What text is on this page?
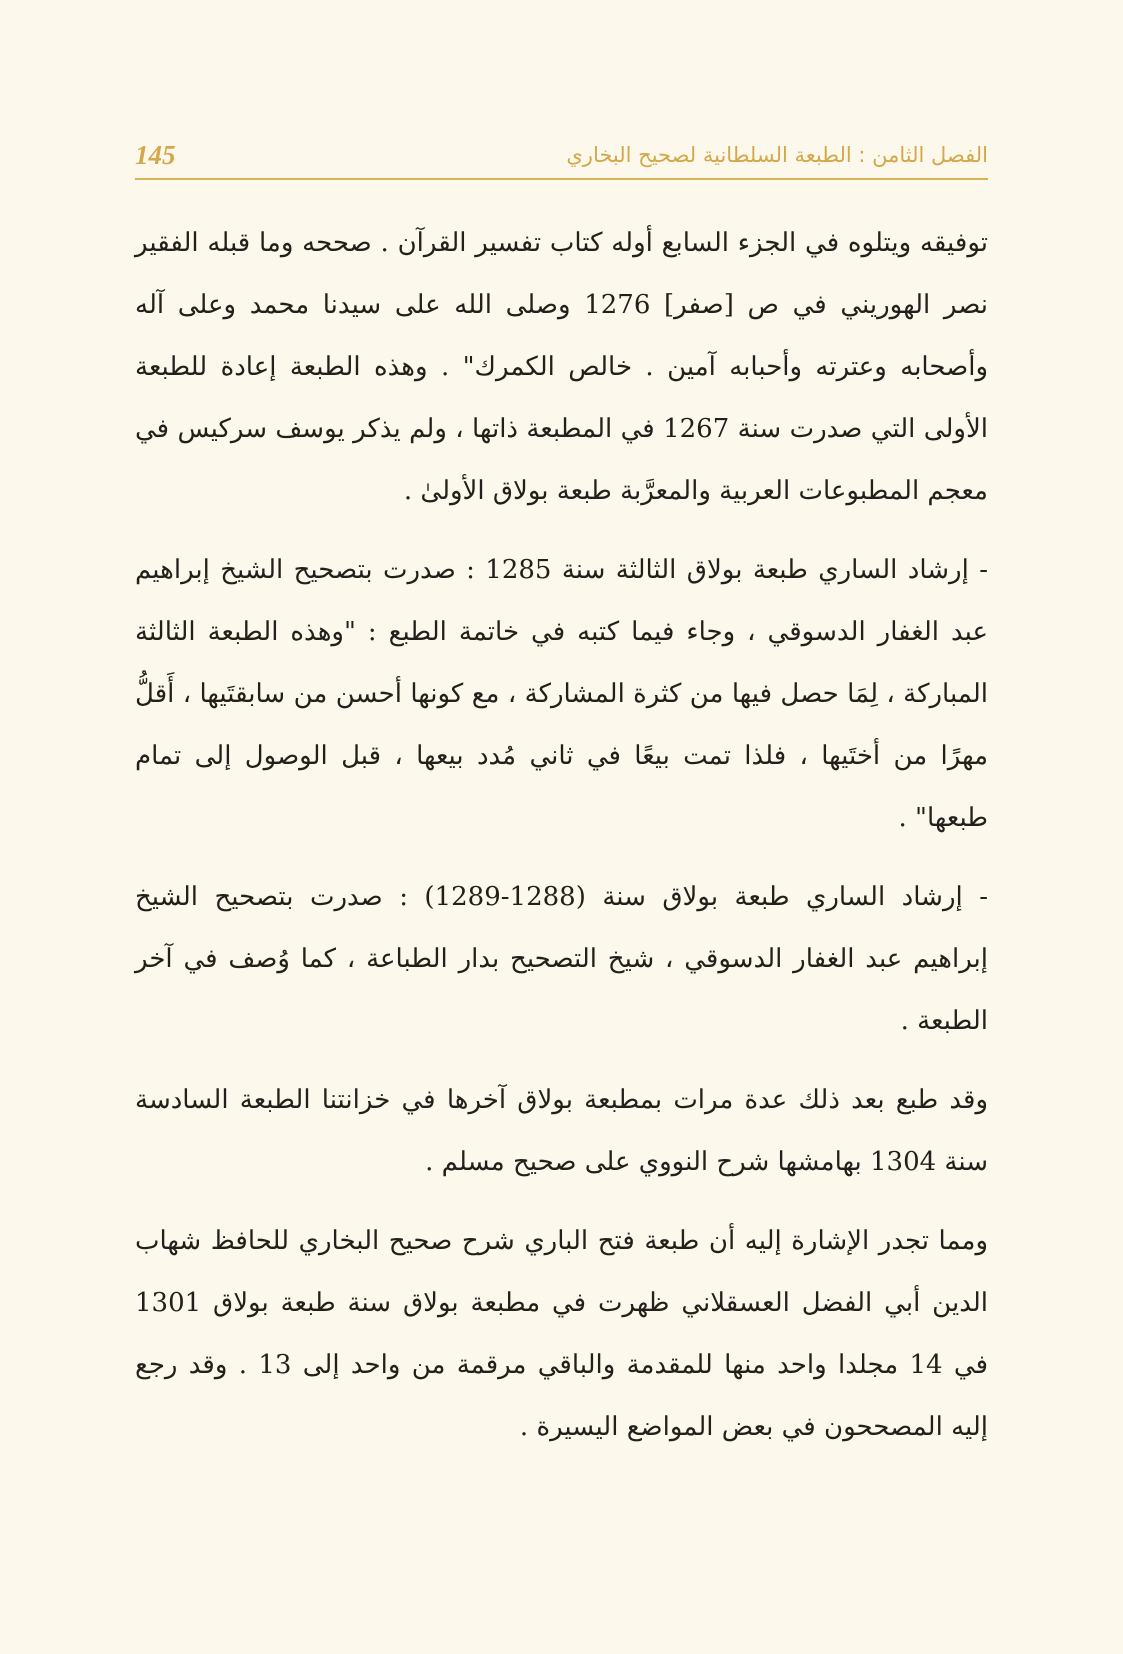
145	الفصل الثامن : الطبعة السلطانية لصحيح البخاري

توفيقه ويتلوه في الجزء السابع أوله كتاب تفسير القرآن . صححه وما قبله الفقير نصر الهوريني في ص [صفر] 1276 وصلى الله على سيدنا محمد وعلى آله وأصحابه وعترته وأحبابه آمين . خالص الكمرك" . وهذه الطبعة إعادة للطبعة الأولى التي صدرت سنة 1267 في المطبعة ذاتها ، ولم يذكر يوسف سركيس في معجم المطبوعات العربية والمعرَّبة طبعة بولاق الأولىٰ .

- إرشاد الساري طبعة بولاق الثالثة سنة 1285 : صدرت بتصحيح الشيخ إبراهيم عبد الغفار الدسوقي ، وجاء فيما كتبه في خاتمة الطبع : "وهذه الطبعة الثالثة المباركة ، لِمَا حصل فيها من كثرة المشاركة ، مع كونها أحسن من سابقتَيها ، أَقلُّ مهرًا من أختَيها ، فلذا تمت بيعًا في ثاني مُدد بيعها ، قبل الوصول إلى تمام طبعها" .

- إرشاد الساري طبعة بولاق سنة (1288-1289) : صدرت بتصحيح الشيخ إبراهيم عبد الغفار الدسوقي ، شيخ التصحيح بدار الطباعة ، كما وُصف في آخر الطبعة .

وقد طبع بعد ذلك عدة مرات بمطبعة بولاق آخرها في خزانتنا الطبعة السادسة سنة 1304 بهامشها شرح النووي على صحيح مسلم .

ومما تجدر الإشارة إليه أن طبعة فتح الباري شرح صحيح البخاري للحافظ شهاب الدين أبي الفضل العسقلاني ظهرت في مطبعة بولاق سنة طبعة بولاق 1301 في 14 مجلدا واحد منها للمقدمة والباقي مرقمة من واحد إلى 13 . وقد رجع إليه المصححون في بعض المواضع اليسيرة .
